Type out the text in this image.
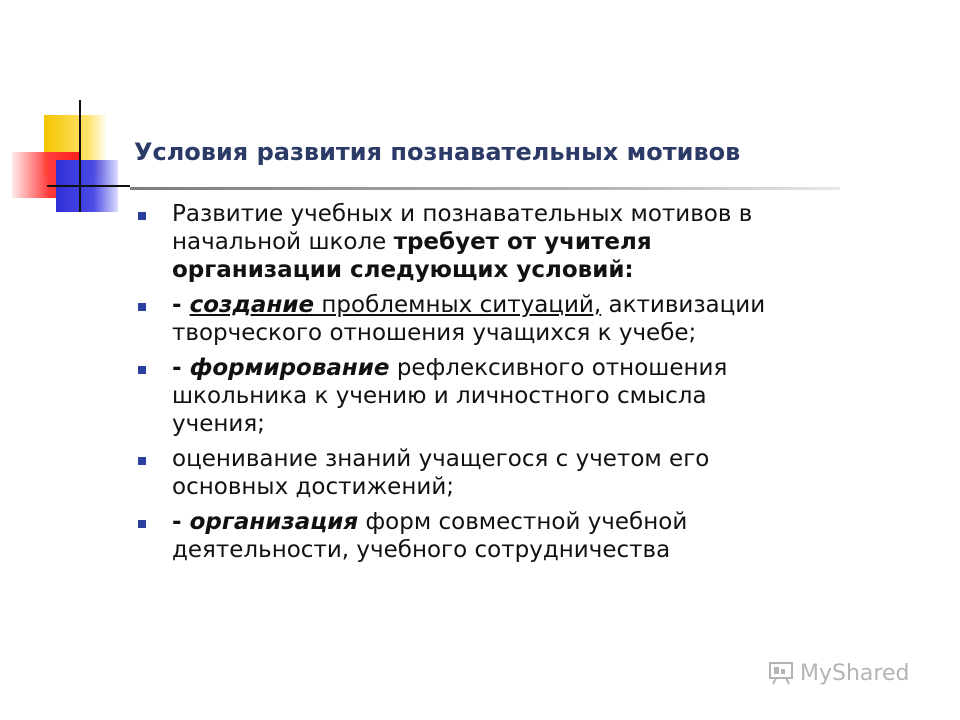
Условия развития познавательных мотивов
Развитие учебных и познавательных мотивов в
начальной школе требует от учителя
организации следующих условий:
- создание проблемных ситуаций, активизации
творческого отношения учащихся к учебе;
- формирование рефлексивного отношения
школьника к учению и личностного смысла
учения;
оценивание знаний учащегося с учетом его
основных достижений;
- организация форм совместной учебной
деятельности, учебного сотрудничества
MyShared
